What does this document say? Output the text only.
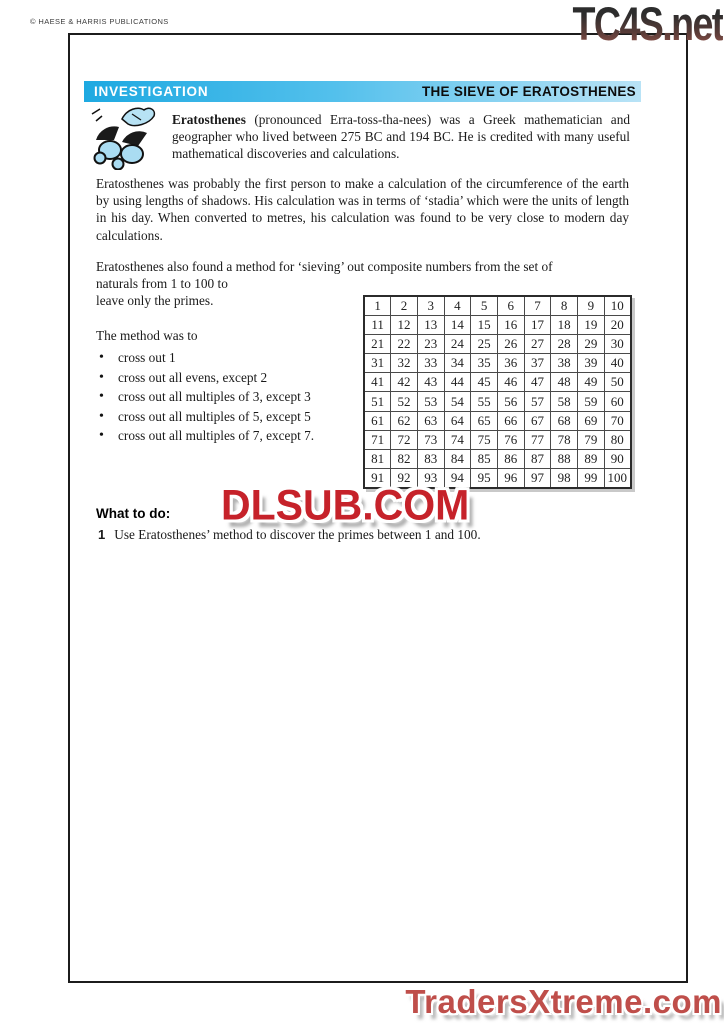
© HAESE & HARRIS PUBLICATIONS	TC4S.net
INVESTIGATION	THE SIEVE OF ERATOSTHENES

Eratosthenes (pronounced Erra-toss-tha-nees) was a Greek mathematician and geographer who lived between 275 BC and 194 BC. He is credited with many useful mathematical discoveries and calculations.

Eratosthenes was probably the first person to make a calculation of the circumference of the earth by using lengths of shadows. His calculation was in terms of ‘stadia’ which were the units of length in his day. When converted to metres, his calculation was found to be very close to modern day calculations.

Eratosthenes also found a method for ‘sieving’ out composite numbers from the set of
naturals from 1 to 100 to
leave only the primes.
The method was to
• cross out 1
• cross out all evens, except 2
• cross out all multiples of 3, except 3
• cross out all multiples of 5, except 5
• cross out all multiples of 7, except 7.
1	2	3	4	5	6	7	8	9	10
11	12	13	14	15	16	17	18	19	20
21	22	23	24	25	26	27	28	29	30
31	32	33	34	35	36	37	38	39	40
41	42	43	44	45	46	47	48	49	50
51	52	53	54	55	56	57	58	59	60
61	62	63	64	65	66	67	68	69	70
71	72	73	74	75	76	77	78	79	80
81	82	83	84	85	86	87	88	89	90
91	92	93	94	95	96	97	98	99	100
DLSUB.COM
What to do:
1 Use Eratosthenes’ method to discover the primes between 1 and 100.
TradersXtreme.com
